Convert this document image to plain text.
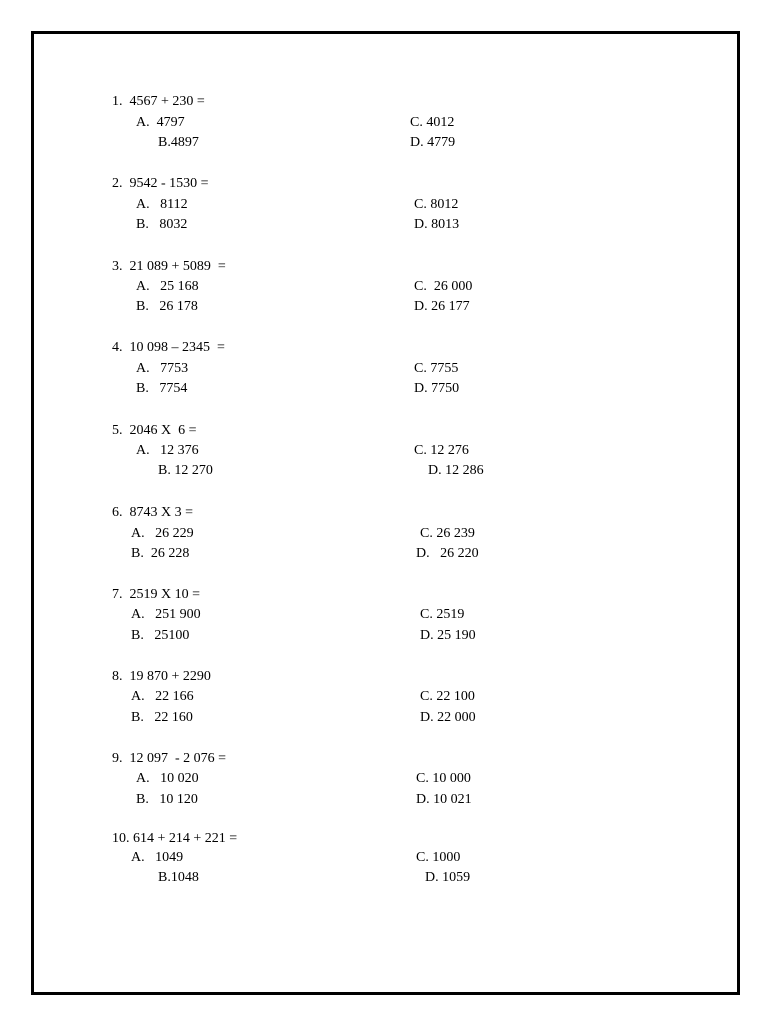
1.  4567 + 230 =
A.  4797
B.4897
C. 4012
D. 4779
2.  9542 - 1530 =
A.   8112
B.   8032
C. 8012
D. 8013
3.  21 089 + 5089  =
A.   25 168
B.   26 178
C.  26 000
D. 26 177
4.  10 098 – 2345  =
A.   7753
B.   7754
C. 7755
D. 7750
5.  2046 X  6 =
A.   12 376
B. 12 270
C. 12 276
D. 12 286
6.  8743 X 3 =
A.   26 229
B.  26 228
C. 26 239
D.   26 220
7.  2519 X 10 =
A.   251 900
B.   25100
C. 2519
D. 25 190
8.  19 870 + 2290
A.   22 166
B.   22 160
C. 22 100
D. 22 000
9.  12 097  - 2 076 =
A.   10 020
B.   10 120
C. 10 000
D. 10 021
10. 614 + 214 + 221 =
A.   1049
B.1048
C. 1000
D. 1059
